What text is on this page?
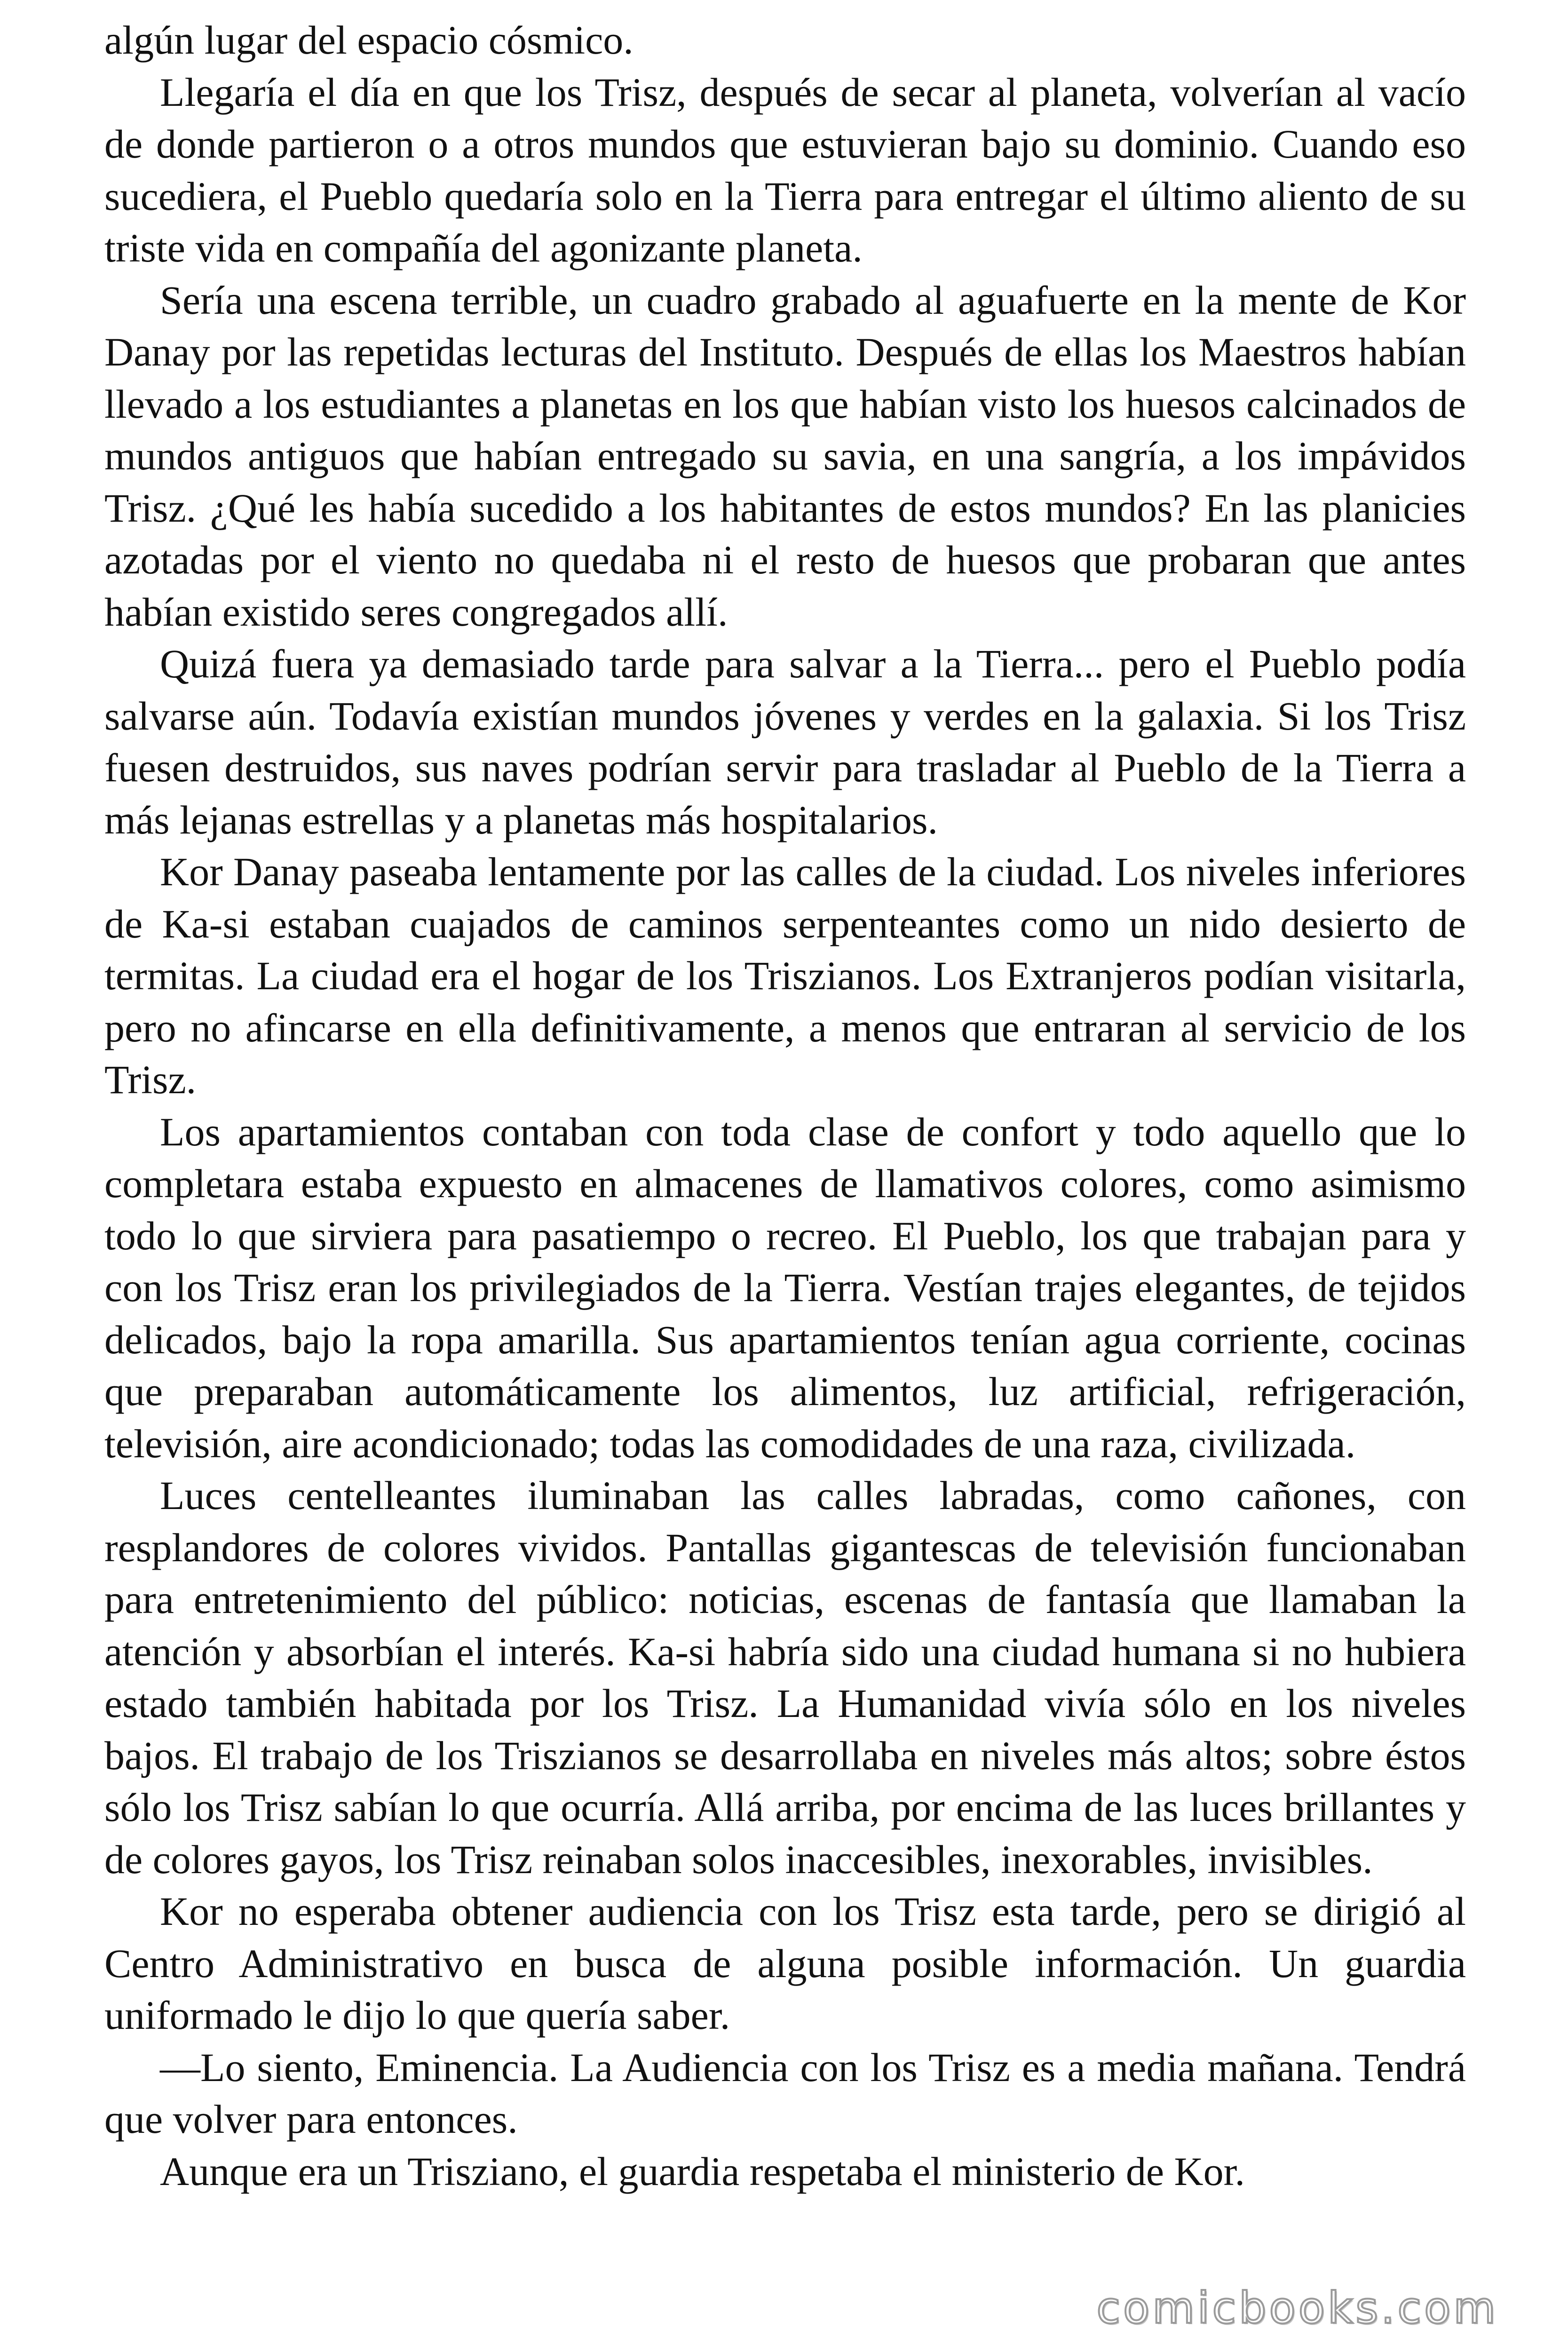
algún lugar del espacio cósmico.

Llegaría el día en que los Trisz, después de secar al planeta, volverían al vacío de donde partieron o a otros mundos que estuvieran bajo su dominio. Cuando eso sucediera, el Pueblo quedaría solo en la Tierra para entregar el último aliento de su triste vida en compañía del agonizante planeta.

Sería una escena terrible, un cuadro grabado al aguafuerte en la mente de Kor Danay por las repetidas lecturas del Instituto. Después de ellas los Maestros habían llevado a los estudiantes a planetas en los que habían visto los huesos calcinados de mundos antiguos que habían entregado su savia, en una sangría, a los impávidos Trisz. ¿Qué les había sucedido a los habitantes de estos mundos? En las planicies azotadas por el viento no quedaba ni el resto de huesos que probaran que antes habían existido seres congregados allí.

Quizá fuera ya demasiado tarde para salvar a la Tierra... pero el Pueblo podía salvarse aún. Todavía existían mundos jóvenes y verdes en la galaxia. Si los Trisz fuesen destruidos, sus naves podrían servir para trasladar al Pueblo de la Tierra a más lejanas estrellas y a planetas más hospitalarios.

Kor Danay paseaba lentamente por las calles de la ciudad. Los niveles inferiores de Ka-si estaban cuajados de caminos serpenteantes como un nido desierto de termitas. La ciudad era el hogar de los Triszianos. Los Extranjeros podían visitarla, pero no afincarse en ella definitivamente, a menos que entraran al servicio de los Trisz.

Los apartamientos contaban con toda clase de confort y todo aquello que lo completara estaba expuesto en almacenes de llamativos colores, como asimismo todo lo que sirviera para pasatiempo o recreo. El Pueblo, los que trabajan para y con los Trisz eran los privilegiados de la Tierra. Vestían trajes elegantes, de tejidos delicados, bajo la ropa amarilla. Sus apartamientos tenían agua corriente, cocinas que preparaban automáticamente los alimentos, luz artificial, refrigeración, televisión, aire acondicionado; todas las comodidades de una raza, civilizada.

Luces centelleantes iluminaban las calles labradas, como cañones, con resplandores de colores vividos. Pantallas gigantescas de televisión funcionaban para entretenimiento del público: noticias, escenas de fantasía que llamaban la atención y absorbían el interés. Ka-si habría sido una ciudad humana si no hubiera estado también habitada por los Trisz. La Humanidad vivía sólo en los niveles bajos. El trabajo de los Triszianos se desarrollaba en niveles más altos; sobre éstos sólo los Trisz sabían lo que ocurría. Allá arriba, por encima de las luces brillantes y de colores gayos, los Trisz reinaban solos inaccesibles, inexorables, invisibles.

Kor no esperaba obtener audiencia con los Trisz esta tarde, pero se dirigió al Centro Administrativo en busca de alguna posible información. Un guardia uniformado le dijo lo que quería saber.

—Lo siento, Eminencia. La Audiencia con los Trisz es a media mañana. Tendrá que volver para entonces.

Aunque era un Trisziano, el guardia respetaba el ministerio de Kor.

comicbooks.com
